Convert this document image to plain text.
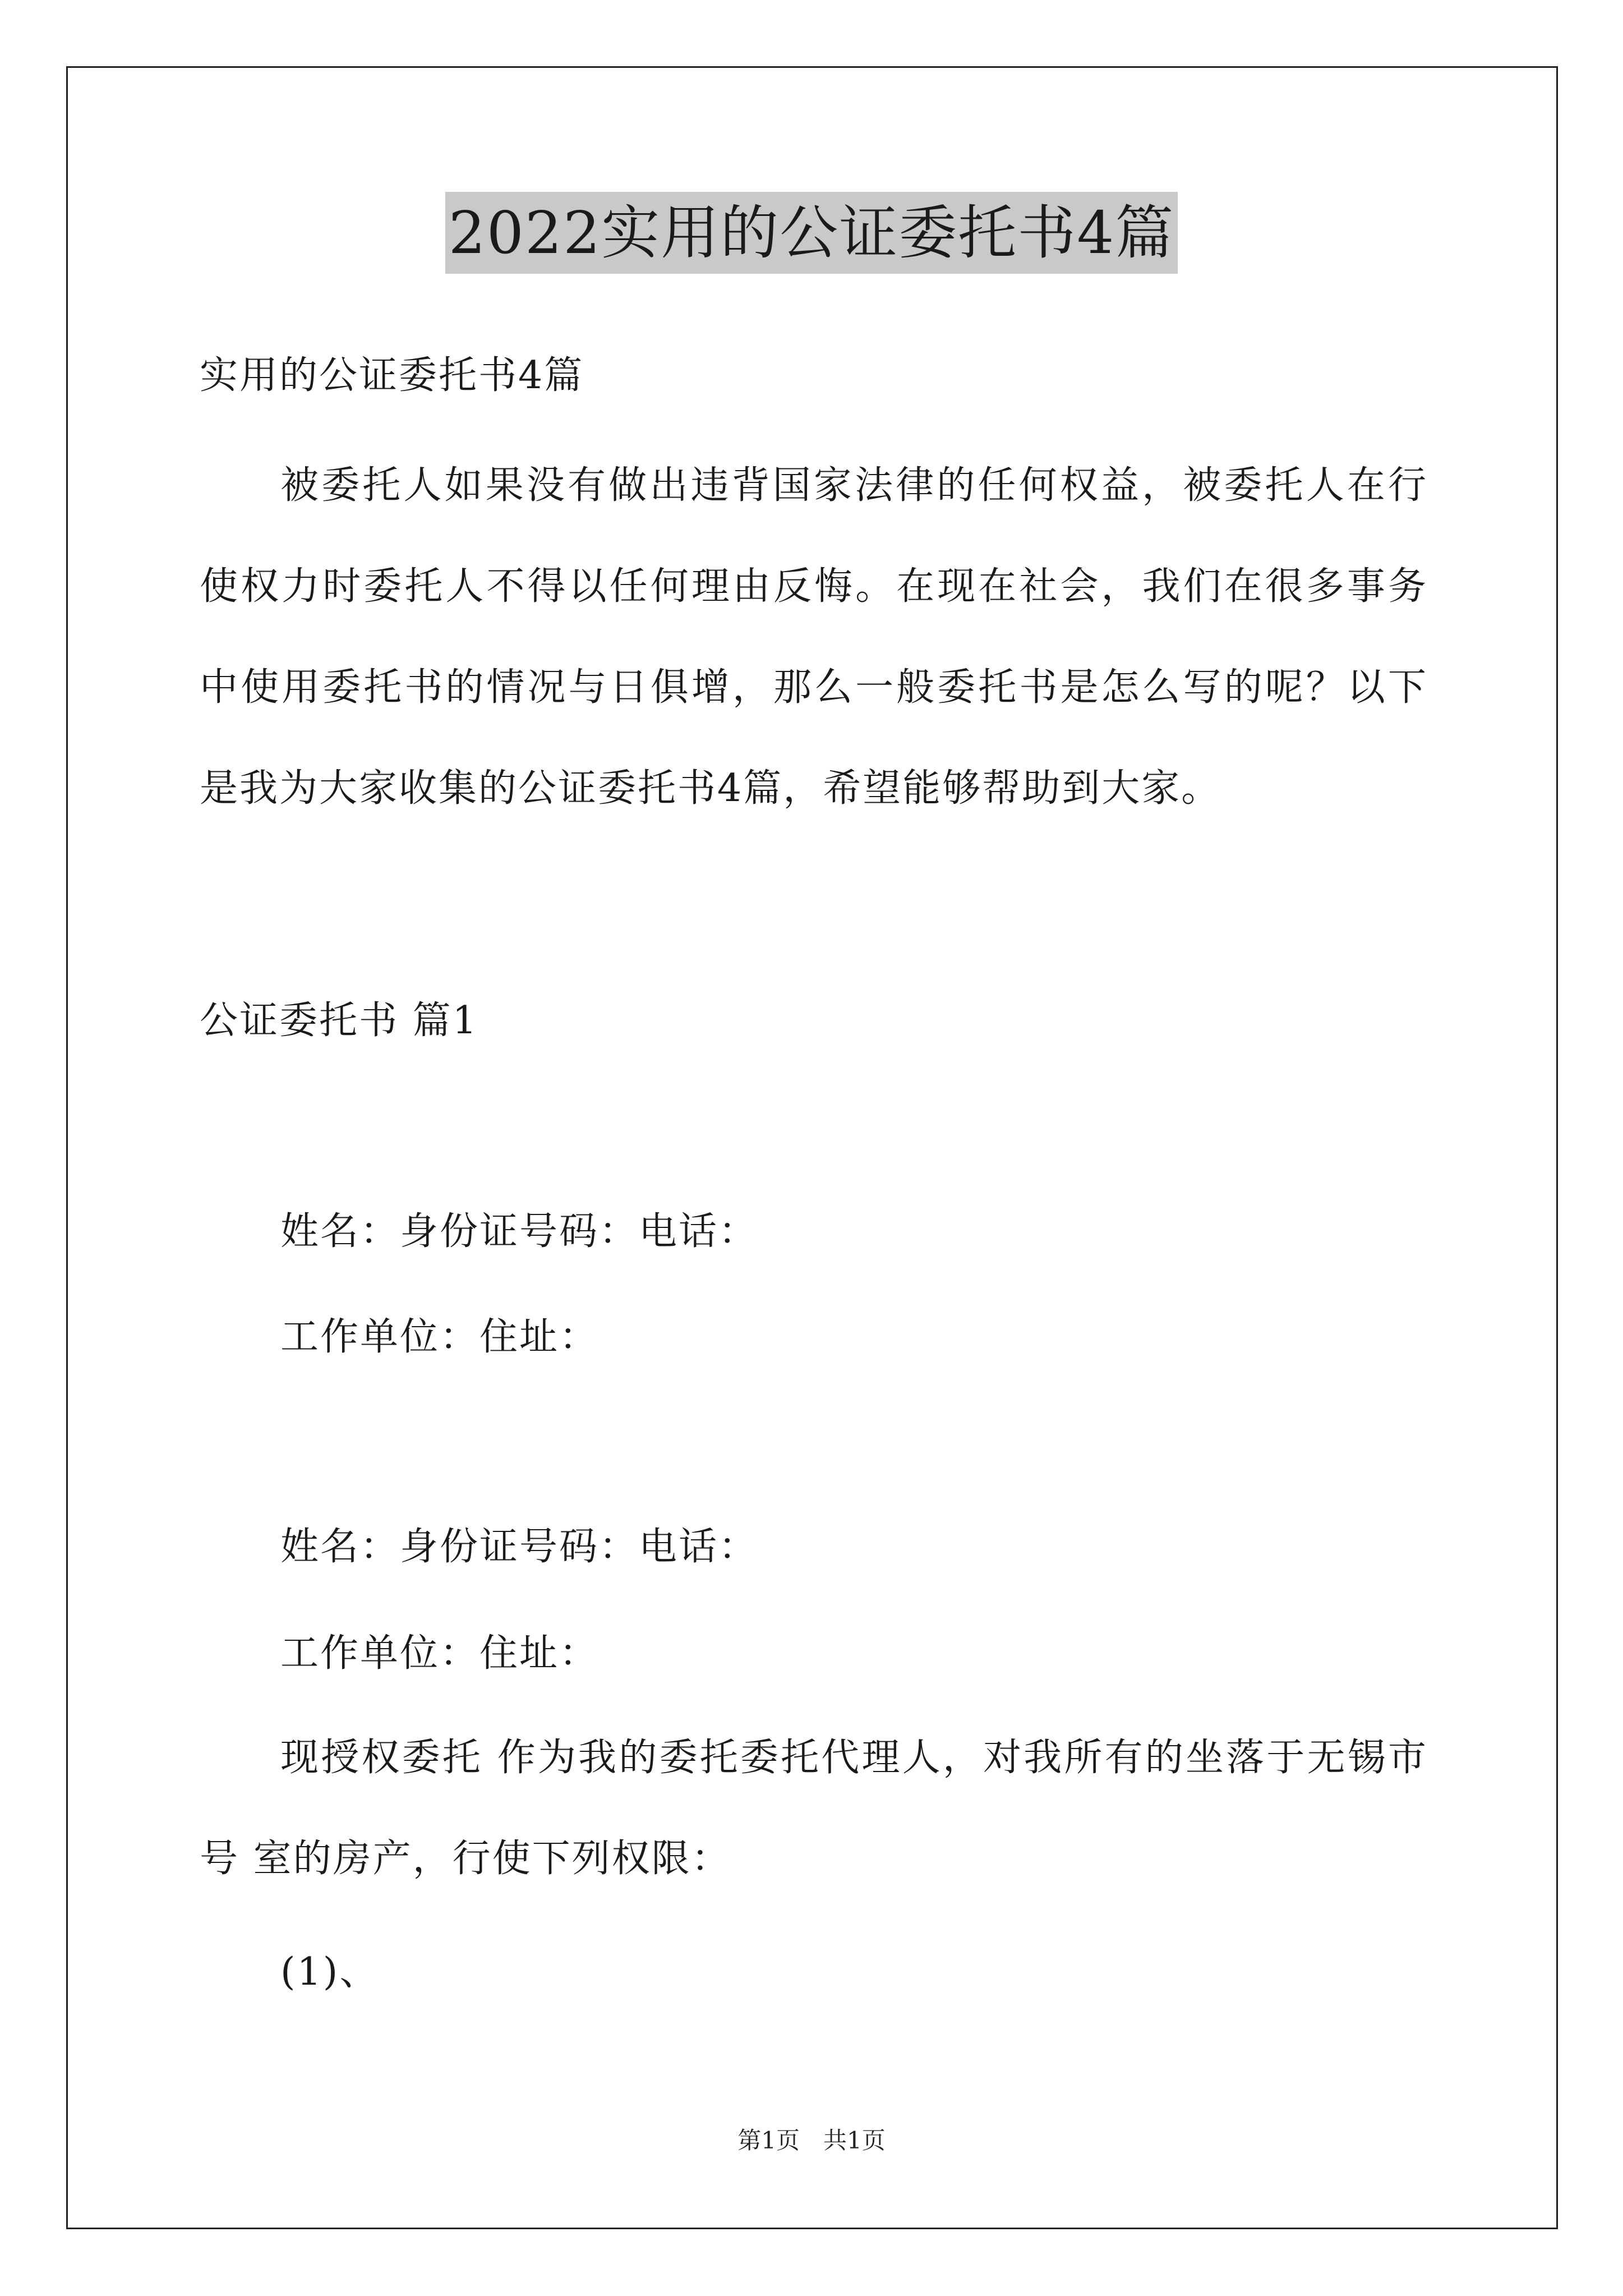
2022实用的公证委托书4篇
实用的公证委托书4篇
被委托人如果没有做出违背国家法律的任何权益，被委托人在行使权力时委托人不得以任何理由反悔。在现在社会，我们在很多事务中使用委托书的情况与日俱增，那么一般委托书是怎么写的呢？以下是我为大家收集的公证委托书4篇，希望能够帮助到大家。
公证委托书 篇1
姓名：身份证号码：电话：
工作单位：住址：
姓名：身份证号码：电话：
工作单位：住址：
现授权委托 作为我的委托委托代理人，对我所有的坐落于无锡市号 室的房产，行使下列权限：
(1)、
第1页　共1页
